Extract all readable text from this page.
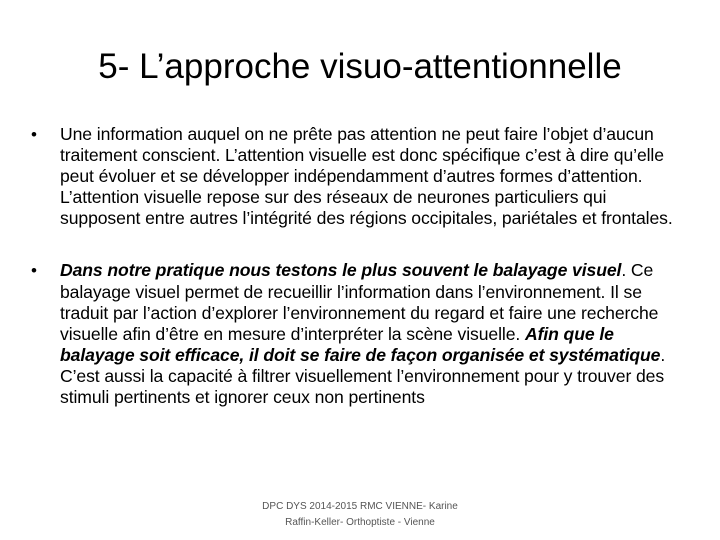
5- L’approche visuo-attentionnelle
• Une information auquel on ne prête pas attention ne peut faire l’objet d’aucun traitement conscient. L’attention visuelle est donc spécifique c’est à dire qu’elle peut évoluer et se développer indépendamment d’autres formes d’attention. L’attention visuelle repose sur des réseaux de neurones particuliers qui supposent entre autres l’intégrité des régions occipitales, pariétales et frontales.
• Dans notre pratique nous testons le plus souvent le balayage visuel. Ce balayage visuel permet de recueillir l’information dans l’environnement. Il se traduit par l’action d’explorer l’environnement du regard et faire une recherche visuelle afin d’être en mesure d’interpréter la scène visuelle. Afin que le balayage soit efficace, il doit se faire de façon organisée et systématique. C’est aussi la capacité à filtrer visuellement l’environnement pour y trouver des stimuli pertinents et ignorer ceux non pertinents
DPC DYS 2014-2015 RMC VIENNE- Karine
Raffin-Keller- Orthoptiste - Vienne
